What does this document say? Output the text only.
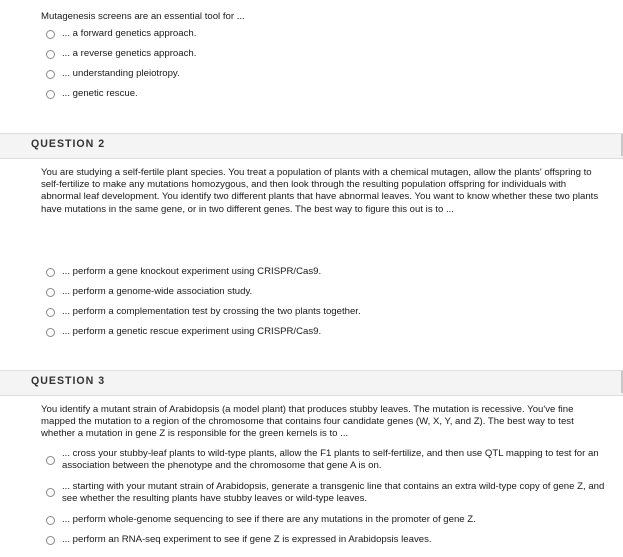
Mutagenesis screens are an essential tool for ...
... a forward genetics approach.
... a reverse genetics approach.
... understanding pleiotropy.
... genetic rescue.
QUESTION 2
You are studying a self-fertile plant species. You treat a population of plants with a chemical mutagen, allow the plants' offspring to self-fertilize to make any mutations homozygous, and then look through the resulting population offspring for individuals with abnormal leaf development. You identify two different plants that have abnormal leaves. You want to know whether these two plants have mutations in the same gene, or in two different genes. The best way to figure this out is to ...
... perform a gene knockout experiment using CRISPR/Cas9.
... perform a genome-wide association study.
... perform a complementation test by crossing the two plants together.
... perform a genetic rescue experiment using CRISPR/Cas9.
QUESTION 3
You identify a mutant strain of Arabidopsis (a model plant) that produces stubby leaves. The mutation is recessive. You've fine mapped the mutation to a region of the chromosome that contains four candidate genes (W, X, Y, and Z). The best way to test whether a mutation in gene Z is responsible for the green kernels is to ...
... cross your stubby-leaf plants to wild-type plants, allow the F1 plants to self-fertilize, and then use QTL mapping to test for an association between the phenotype and the chromosome that gene A is on.
... starting with your mutant strain of Arabidopsis, generate a transgenic line that contains an extra wild-type copy of gene Z, and see whether the resulting plants have stubby leaves or wild-type leaves.
... perform whole-genome sequencing to see if there are any mutations in the promoter of gene Z.
... perform an RNA-seq experiment to see if gene Z is expressed in Arabidopsis leaves.
